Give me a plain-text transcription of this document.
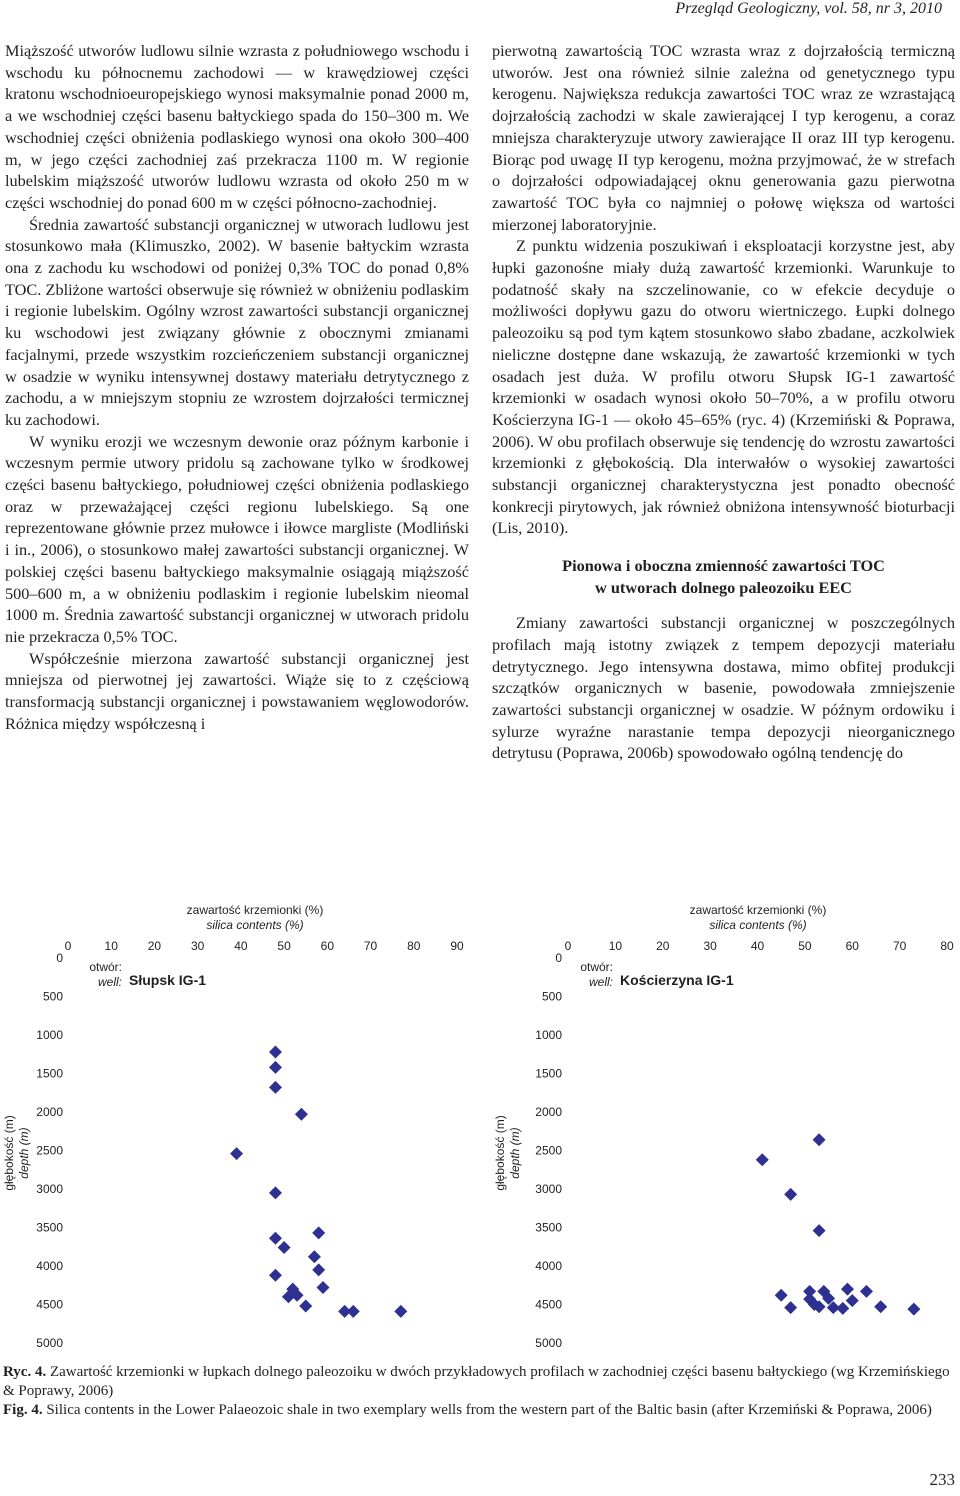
Przegląd Geologiczny, vol. 58, nr 3, 2010

Miąższość utworów ludlowu silnie wzrasta z południowego wschodu i wschodu ku północnemu zachodowi — w krawędziowej części kratonu wschodnioeuropejskiego wynosi maksymalnie ponad 2000 m, a we wschodniej części basenu bałtyckiego spada do 150–300 m. We wschodniej części obniżenia podlaskiego wynosi ona około 300–400 m, w jego części zachodniej zaś przekracza 1100 m. W regionie lubelskim miąższość utworów ludlowu wzrasta od około 250 m w części wschodniej do ponad 600 m w części północno-zachodniej.

Średnia zawartość substancji organicznej w utworach ludlowu jest stosunkowo mała (Klimuszko, 2002). W basenie bałtyckim wzrasta ona z zachodu ku wschodowi od poniżej 0,3% TOC do ponad 0,8% TOC. Zbliżone wartości obserwuje się również w obniżeniu podlaskim i regionie lubelskim. Ogólny wzrost zawartości substancji organicznej ku wschodowi jest związany głównie z obocznymi zmianami facjalnymi, przede wszystkim rozcieńczeniem substancji organicznej w osadzie w wyniku intensywnej dostawy materiału detrytycznego z zachodu, a w mniejszym stopniu ze wzrostem dojrzałości termicznej ku zachodowi.

W wyniku erozji we wczesnym dewonie oraz późnym karbonie i wczesnym permie utwory pridolu są zachowane tylko w środkowej części basenu bałtyckiego, południowej części obniżenia podlaskiego oraz w przeważającej części regionu lubelskiego. Są one reprezentowane głównie przez mułowce i iłowce margliste (Modliński i in., 2006), o stosunkowo małej zawartości substancji organicznej. W polskiej części basenu bałtyckiego maksymalnie osiągają miąższość 500–600 m, a w obniżeniu podlaskim i regionie lubelskim nieomal 1000 m. Średnia zawartość substancji organicznej w utworach pridolu nie przekracza 0,5% TOC.

Współcześnie mierzona zawartość substancji organicznej jest mniejsza od pierwotnej jej zawartości. Wiąże się to z częściową transformacją substancji organicznej i powstawaniem węglowodorów. Różnica między współczesną i

pierwotną zawartością TOC wzrasta wraz z dojrzałością termiczną utworów. Jest ona również silnie zależna od genetycznego typu kerogenu. Największa redukcja zawartości TOC wraz ze wzrastającą dojrzałością zachodzi w skale zawierającej I typ kerogenu, a coraz mniejsza charakteryzuje utwory zawierające II oraz III typ kerogenu. Biorąc pod uwagę II typ kerogenu, można przyjmować, że w strefach o dojrzałości odpowiadającej oknu generowania gazu pierwotna zawartość TOC była co najmniej o połowę większa od wartości mierzonej laboratoryjnie.

Z punktu widzenia poszukiwań i eksploatacji korzystne jest, aby łupki gazonośne miały dużą zawartość krzemionki. Warunkuje to podatność skały na szczelinowanie, co w efekcie decyduje o możliwości dopływu gazu do otworu wiertniczego. Łupki dolnego paleozoiku są pod tym kątem stosunkowo słabo zbadane, aczkolwiek nieliczne dostępne dane wskazują, że zawartość krzemionki w tych osadach jest duża. W profilu otworu Słupsk IG-1 zawartość krzemionki w osadach wynosi około 50–70%, a w profilu otworu Kościerzyna IG-1 — około 45–65% (ryc. 4) (Krzemiński & Poprawa, 2006). W obu profilach obserwuje się tendencję do wzrostu zawartości krzemionki z głębokością. Dla interwałów o wysokiej zawartości substancji organicznej charakterystyczna jest ponadto obecność konkrecji pirytowych, jak również obniżona intensywność bioturbacji (Lis, 2010).

Pionowa i oboczna zmienność zawartości TOC
w utworach dolnego paleozoiku EEC

Zmiany zawartości substancji organicznej w poszczególnych profilach mają istotny związek z tempem depozycji materiału detrytycznego. Jego intensywna dostawa, mimo obfitej produkcji szczątków organicznych w basenie, powodowała zmniejszenie zawartości substancji organicznej w osadzie. W późnym ordowiku i sylurze wyraźne narastanie tempa depozycji nieorganicznego detrytusu (Poprawa, 2006b) spowodowało ogólną tendencję do

zawartość krzemionki (%)
silica contents (%)
0	10 20 30 40 50 60 70 80 90
0
500
1000
1500
2000
2500
3000
3500
4000
4500
5000
otwór:
well: Słupsk IG-1
głębokość (m) depth (m)
zawartość krzemionki (%)
silica contents (%)
0	10	20	30	40	50	60	70	80
0
500
1000
1500
2000
2500
3000
3500
4000
4500
5000
otwór:
well: Kościerzyna IG-1
głębokość (m) depth (m)
Ryc. 4. Zawartość krzemionki w łupkach dolnego paleozoiku w dwóch przykładowych profilach w zachodniej części basenu bałtyckiego (wg Krzemińskiego & Poprawy, 2006)
Fig. 4. Silica contents in the Lower Palaeozoic shale in two exemplary wells from the western part of the Baltic basin (after Krzemiński & Poprawa, 2006)
233
